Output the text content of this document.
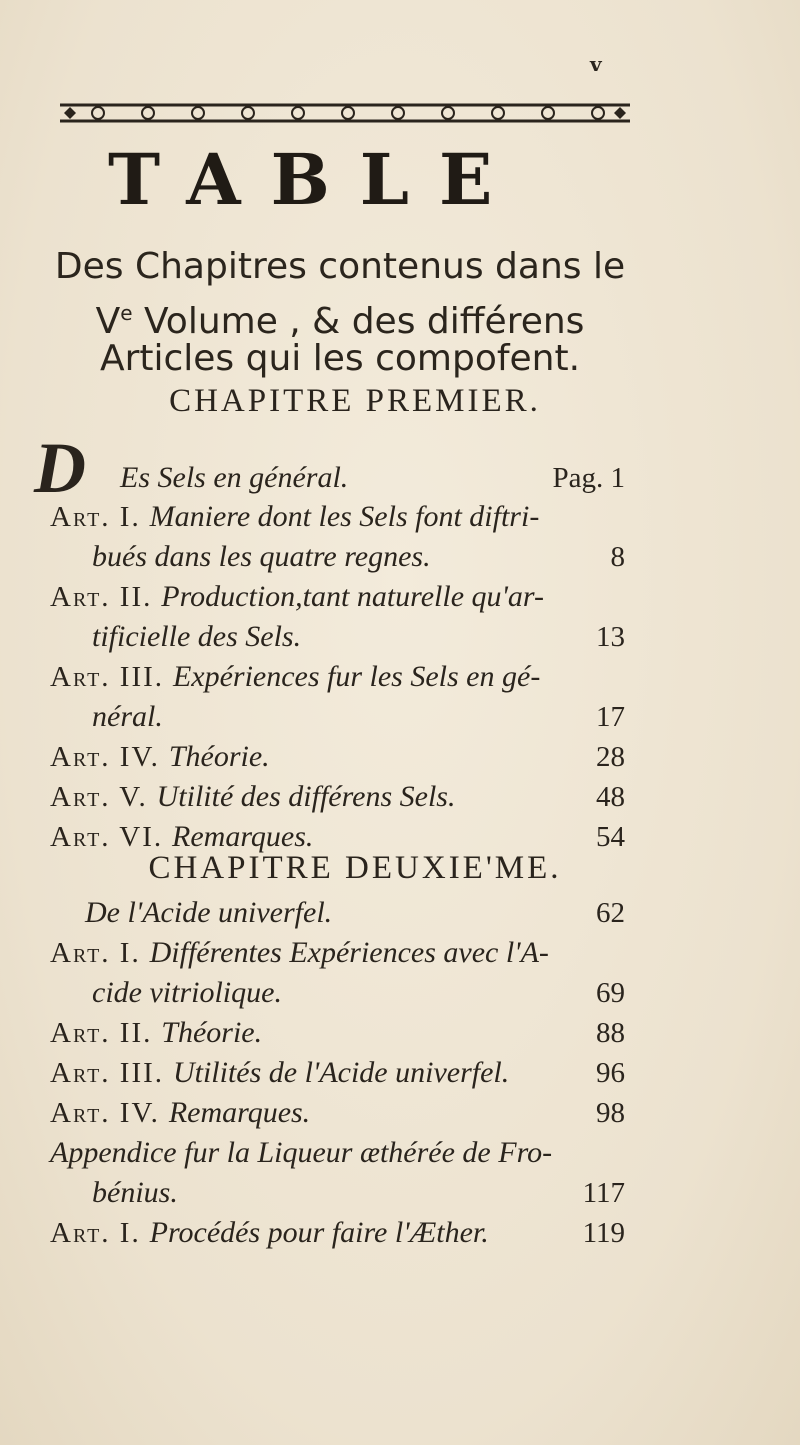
v
TABLE
Des Chapitres contenus dans le
Ve Volume , & des différens
Articles qui les compofent.
CHAPITRE PREMIER.
D Es Sels en général.	Pag. 1
Art. I. Maniere dont les Sels font diftri-
bués dans les quatre regnes.	8
Art. II. Production,tant naturelle qu'ar-
tificielle des Sels.	13
Art. III. Expériences fur les Sels en gé-
néral.	17
Art. IV. Théorie.	28
Art. V. Utilité des différens Sels.	48
Art. VI. Remarques.	54
CHAPITRE DEUXIE'ME.
De l'Acide univerfel.	62
Art. I. Différentes Expériences avec l'A-
cide vitriolique.	69
Art. II. Théorie.	88
Art. III. Utilités de l'Acide univerfel.	96
Art. IV. Remarques.	98
Appendice fur la Liqueur æthérée de Fro-
bénius.	117
Art. I. Procédés pour faire l'Æther.	119
